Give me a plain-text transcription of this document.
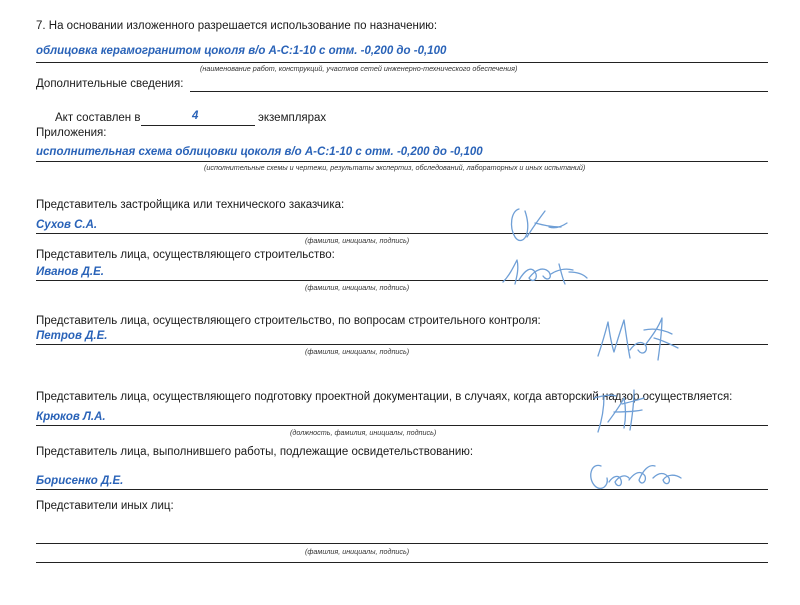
7. На основании изложенного разрешается использование по назначению:
облицовка керамогранитом цоколя в/о А-С:1-10 с отм. -0,200 до -0,100
(наименование работ, конструкций, участков сетей инженерно-технического обеспечения)
Дополнительные сведения:
Акт составлен в	4	экземплярах
Приложения:
исполнительная схема облицовки цоколя в/о А-С:1-10 с отм. -0,200 до -0,100
(исполнительные схемы и чертежи, результаты экспертиз, обследований, лабораторных и иных испытаний)
Представитель застройщика или технического заказчика:
Сухов С.А.
(фамилия, инициалы, подпись)
Представитель лица, осуществляющего строительство:
Иванов Д.Е.
(фамилия, инициалы, подпись)
Представитель лица, осуществляющего строительство, по вопросам строительного контроля:
Петров Д.Е.
(фамилия, инициалы, подпись)
Представитель лица, осуществляющего подготовку проектной документации, в случаях, когда авторский надзор осуществляется:
Крюков Л.А.
(должность, фамилия, инициалы, подпись)
Представитель лица, выполнившего работы, подлежащие освидетельствованию:
Борисенко Д.Е.
Представители иных лиц:
(фамилия, инициалы, подпись)
